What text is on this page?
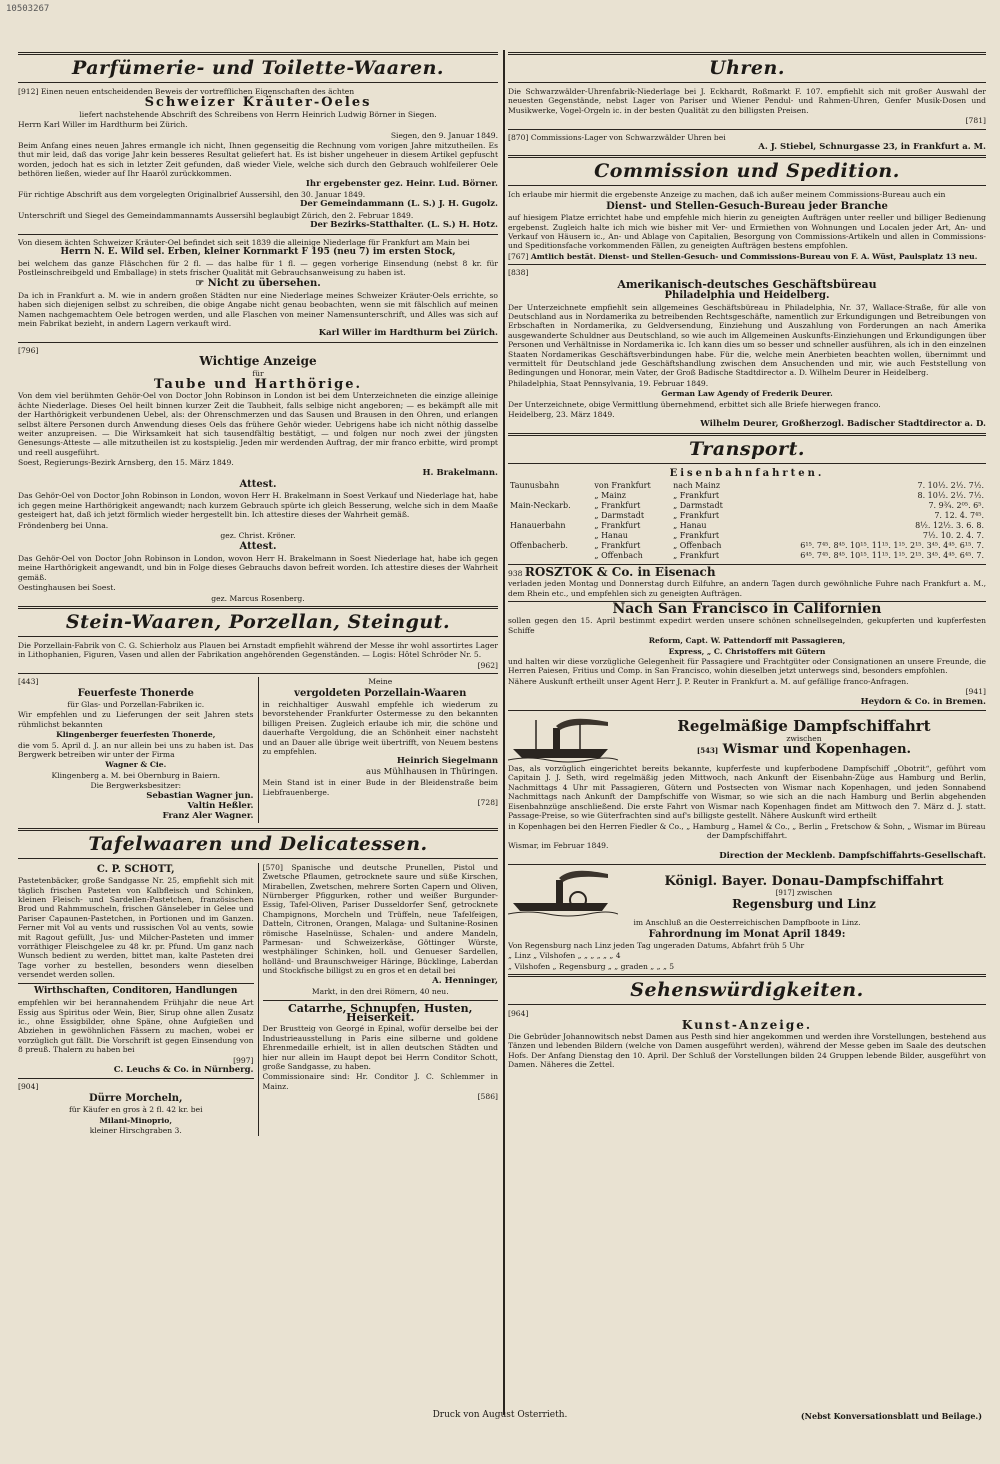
10503267
Parfümerie- und Toilette-Waaren.

[912] Einen neuen entscheidenden Beweis der vortrefflichen Eigenschaften des ächten

Schweizer Kräuter-Oeles

liefert nachstehende Abschrift des Schreibens von Herrn Heinrich Ludwig Börner in Siegen.

Herrn Karl Willer im Hardthurm bei Zürich.

Siegen, den 9. Januar 1849.

Beim Anfang eines neuen Jahres ermangle ich nicht, Ihnen gegenseitig die Rechnung vom vorigen Jahre mitzutheilen. Es thut mir leid, daß das vorige Jahr kein besseres Resultat geliefert hat. Es ist bisher ungeheuer in diesem Artikel gepfuscht worden, jedoch hat es sich in letzter Zeit gefunden, daß wieder Viele, welche sich durch den Gebrauch wohlfeilerer Oele bethören ließen, wieder auf Ihr Haaröl zurückkommen.

Ihr ergebenster gez. Heinr. Lud. Börner.

Für richtige Abschrift aus dem vorgelegten Originalbrief Aussersihl, den 30. Januar 1849.

Der Gemeindammann (L. S.) J. H. Gugolz.

Unterschrift und Siegel des Gemeindammannamts Aussersihl beglaubigt Zürich, den 2. Februar 1849.

Der Bezirks-Statthalter. (L. S.) H. Hotz.

Von diesem ächten Schweizer Kräuter-Oel befindet sich seit 1839 die alleinige Niederlage für Frankfurt am Main bei

Herrn N. E. Wild sel. Erben, kleiner Kornmarkt F 195 (neu 7) im ersten Stock,

bei welchem das ganze Fläschchen für 2 fl. — das halbe für 1 fl. — gegen vorherige Einsendung (nebst 8 kr. für Postleinschreibgeld und Emballage) in stets frischer Qualität mit Gebrauchsanweisung zu haben ist.

☞ Nicht zu übersehen.

Da ich in Frankfurt a. M. wie in andern großen Städten nur eine Niederlage meines Schweizer Kräuter-Oels errichte, so haben sich diejenigen selbst zu schreiben, die obige Angabe nicht genau beobachten, wenn sie mit fälschlich auf meinen Namen nachgemachtem Oele betrogen werden, und alle Flaschen von meiner Namensunterschrift, und Alles was sich auf mein Fabrikat bezieht, in andern Lagern verkauft wird.

Karl Willer im Hardthurm bei Zürich.

[796]

Wichtige Anzeige
für
Taube und Harthörige.

Von dem viel berühmten Gehör-Oel von Doctor John Robinson in London ist bei dem Unterzeichneten die einzige alleinige ächte Niederlage. Dieses Oel heilt binnen kurzer Zeit die Taubheit, falls selbige nicht angeboren; — es bekämpft alle mit der Harthörigkeit verbundenen Uebel, als: der Ohrenschmerzen und das Sausen und Brausen in den Ohren, und erlangen selbst ältere Personen durch Anwendung dieses Oels das frühere Gehör wieder. Uebrigens habe ich nicht nöthig dasselbe weiter anzupreisen. — Die Wirksamkeit hat sich tausendfältig bestätigt, — und folgen nur noch zwei der jüngsten Genesungs-Atteste — alle mitzutheilen ist zu kostspielig. Jeden mir werdenden Auftrag, der mir franco erbitte, wird prompt und reell ausgeführt.

Soest, Regierungs-Bezirk Arnsberg, den 15. März 1849.

H. Brakelmann.

Attest.

Das Gehör-Oel von Doctor John Robinson in London, wovon Herr H. Brakelmann in Soest Verkauf und Niederlage hat, habe ich gegen meine Harthörigkeit angewandt; nach kurzem Gebrauch spürte ich gleich Besserung, welche sich in dem Maaße gesteigert hat, daß ich jetzt förmlich wieder hergestellt bin. Ich attestire dieses der Wahrheit gemäß.

Fröndenberg bei Unna.

gez. Christ. Kröner.

Attest.

Das Gehör-Oel von Doctor John Robinson in London, wovon Herr H. Brakelmann in Soest Niederlage hat, habe ich gegen meine Harthörigkeit angewandt, und bin in Folge dieses Gebrauchs davon befreit worden. Ich attestire dieses der Wahrheit gemäß.

Oestinghausen bei Soest.

gez. Marcus Rosenberg.

Stein-Waaren, Porzellan, Steingut.

Die Porzellain-Fabrik von C. G. Schierholz aus Plauen bei Arnstadt empfiehlt während der Messe ihr wohl assortirtes Lager in Lithophanien, Figuren, Vasen und allen der Fabrikation angehörenden Gegenständen. — Logis: Hôtel Schröder Nr. 5.

[962]

[443]

Feuerfeste Thonerde

für Glas- und Porzellan-Fabriken ic.

Wir empfehlen und zu Lieferungen der seit Jahren stets rühmlichst bekannten

Klingenberger feuerfesten Thonerde,

die vom 5. April d. J. an nur allein bei uns zu haben ist. Das Bergwerk betreiben wir unter der Firma

Wagner & Cie.

Klingenberg a. M. bei Obernburg in Baiern.

Die Bergwerksbesitzer:

Sebastian Wagner jun.

Valtin Heßler.

Franz Aler Wagner.

Meine

vergoldeten Porzellain-Waaren

in reichhaltiger Auswahl empfehle ich wiederum zu bevorstehender Frankfurter Ostermesse zu den bekannten billigen Preisen. Zugleich erlaube ich mir, die schöne und dauerhafte Vergoldung, die an Schönheit einer nachsteht und an Dauer alle übrige weit übertrifft, von Neuem bestens zu empfehlen.

Heinrich Siegelmann

aus Mühlhausen in Thüringen.

Mein Stand ist in einer Bude in der Bleidenstraße beim Liebfrauenberge.

[728]

Tafelwaaren und Delicatessen.
C. P. SCHOTT,

Pastetenbäcker, große Sandgasse Nr. 25, empfiehlt sich mit täglich frischen Pasteten von Kalbfleisch und Schinken, kleinen Fleisch- und Sardellen-Pastetchen, französischen Brod und Rahmmuscheln, frischen Gänseleber in Gelee und Pariser Capaunen-Pastetchen, in Portionen und im Ganzen. Ferner mit Vol au vents und russischen Vol au vents, sowie mit Ragout gefüllt, Jus- und Milcher-Pasteten und immer vorräthiger Fleischgelee zu 48 kr. pr. Pfund. Um ganz nach Wunsch bedient zu werden, bittet man, kalte Pasteten drei Tage vorher zu bestellen, besonders wenn dieselben versendet werden sollen.

Wirthschaften, Conditoren, Handlungen

empfehlen wir bei herannahendem Frühjahr die neue Art Essig aus Spiritus oder Wein, Bier, Sirup ohne allen Zusatz ic., ohne Essigbilder, ohne Späne, ohne Aufgießen und Abziehen in gewöhnlichen Fässern zu machen, wobei er vorzüglich gut fällt. Die Vorschrift ist gegen Einsendung von 8 preuß. Thalern zu haben bei

[997]

C. Leuchs & Co. in Nürnberg.

[904]

Dürre Morcheln,

für Käufer en gros à 2 fl. 42 kr. bei

Milani-Minoprio,

kleiner Hirschgraben 3.

[570] Spanische und deutsche Prunellen, Pistol und Zwetsche Pflaumen, getrocknete saure und süße Kirschen, Mirabellen, Zwetschen, mehrere Sorten Capern und Oliven, Nürnberger Pfiggurken, rother und weißer Burgunder-Essig, Tafel-Oliven, Pariser Dusseldorfer Senf, getrocknete Champignons, Morcheln und Trüffeln, neue Tafelfeigen, Datteln, Citronen, Orangen, Malaga- und Sultanine-Rosinen römische Haselnüsse, Schalen- und andere Mandeln, Parmesan- und Schweizerkäse, Göttinger Würste, westphälinger Schinken, holl. und Genueser Sardellen, holländ- und Braunschweiger Häringe, Bücklinge, Laberdan und Stockfische billigst zu en gros et en detail bei

A. Henninger,

Markt, in den drei Römern, 40 neu.

Catarrhe, Schnupfen, Husten, Heiserkeit.

Der Brustteig von Georgé in Epinal, wofür derselbe bei der Industrieausstellung in Paris eine silberne und goldene Ehrenmedaille erhielt, ist in allen deutschen Städten und hier nur allein im Haupt depot bei Herrn Conditor Schott, große Sandgasse, zu haben.

Commissionaire sind: Hr. Conditor J. C. Schlemmer in Mainz.

[586]

Uhren.

Die Schwarzwälder-Uhrenfabrik-Niederlage bei J. Eckhardt, Roßmarkt F. 107. empfiehlt sich mit großer Auswahl der neuesten Gegenstände, nebst Lager von Pariser und Wiener Pendul- und Rahmen-Uhren, Genfer Musik-Dosen und Musikwerke, Vogel-Orgeln ic. in der besten Qualität zu den billigsten Preisen.

[781]

[870] Commissions-Lager von Schwarzwälder Uhren bei

A. J. Stiebel, Schnurgasse 23, in Frankfurt a. M.

Commission und Spedition.

Ich erlaube mir hiermit die ergebenste Anzeige zu machen, daß ich außer meinem Commissions-Bureau auch ein

Dienst- und Stellen-Gesuch-Bureau jeder Branche

auf hiesigem Platze errichtet habe und empfehle mich hierin zu geneigten Aufträgen unter reeller und billiger Bedienung ergebenst. Zugleich halte ich mich wie bisher mit Ver- und Ermiethen von Wohnungen und Localen jeder Art, An- und Verkauf von Häusern ic., An- und Ablage von Capitalien, Besorgung von Commissions-Artikeln und allen in Commissions- und Speditionsfache vorkommenden Fällen, zu geneigten Aufträgen bestens empfohlen.

[767] Amtlich bestät. Dienst- und Stellen-Gesuch- und Commissions-Bureau von F. A. Wüst, Paulsplatz 13 neu.

[838]

Amerikanisch-deutsches Geschäftsbüreau
Philadelphia und Heidelberg.

Der Unterzeichnete empfiehlt sein allgemeines Geschäftsbüreau in Philadelphia, Nr. 37, Wallace-Straße, für alle von Deutschland aus in Nordamerika zu betreibenden Rechtsgeschäfte, namentlich zur Erkundigungen und Betreibungen von Erbschaften in Nordamerika, zu Geldversendung, Einziehung und Auszahlung von Forderungen an nach Amerika ausgewanderte Schuldner aus Deutschland, so wie auch im Allgemeinen Auskunfts-Einziehungen und Erkundigungen über Personen und Verhältnisse in Nordamerika ic. Ich kann dies um so besser und schneller ausführen, als ich in den einzelnen Staaten Nordamerikas Geschäftsverbindungen habe. Für die, welche mein Anerbieten beachten wollen, übernimmt und vermittelt für Deutschland jede Geschäftshandlung zwischen dem Ansuchenden und mir, wie auch Feststellung von Bedingungen und Honorar, mein Vater, der Groß Badische Stadtdirector a. D. Wilhelm Deurer in Heidelberg.

Philadelphia, Staat Pennsylvania, 19. Februar 1849.

German Law Agendy of Frederik Deurer.

Der Unterzeichnete, obige Vermittlung übernehmend, erbittet sich alle Briefe hierwegen franco.

Heidelberg, 23. März 1849.

Wilhelm Deurer, Großherzogl. Badischer Stadtdirector a. D.

Transport.
Eisenbahnfahrten.
Taunusbahn	von Frankfurt	nach Mainz	7. 10½. 2½. 7½.
	„ Mainz	„ Frankfurt	8. 10½. 2½. 7½.
Main-Neckarb.	„ Frankfurt	„ Darmstadt	7. 9¾. 2⁰⁵. 6⁵.
	„ Darmstadt	„ Frankfurt	7. 12. 4. 7⁴⁵.
Hanauerbahn	„ Frankfurt	„ Hanau	8½. 12½. 3. 6. 8.
	„ Hanau	„ Frankfurt	7½. 10. 2. 4. 7.
Offenbacherb.	„ Frankfurt	„ Offenbach	6¹⁵. 7⁴⁵. 8⁴⁵. 10¹⁵. 11¹⁵. 1¹⁵. 2¹⁵. 3⁴⁵. 4⁴⁵. 6¹⁵. 7.
	„ Offenbach	„ Frankfurt	6⁴⁵. 7⁴⁵. 8⁴⁵. 10¹⁵. 11¹⁵. 1¹⁵. 2¹⁵. 3⁴⁵. 4⁴⁵. 6⁴⁵. 7.

938 ROSZTOK & Co. in Eisenach

verladen jeden Montag und Donnerstag durch Eilfuhre, an andern Tagen durch gewöhnliche Fuhre nach Frankfurt a. M., dem Rhein etc., und empfehlen sich zu geneigten Aufträgen.

Nach San Francisco in Californien

sollen gegen den 15. April bestimmt expedirt werden unsere schönen schnellsegelnden, gekupferten und kupferfesten Schiffe

Reform, Capt. W. Pattendorff mit Passagieren,

Express, „ C. Christoffers mit Gütern

und halten wir diese vorzügliche Gelegenheit für Passagiere und Frachtgüter oder Consignationen an unsere Freunde, die Herren Paiesen, Fritius und Comp. in San Francisco, wohin dieselben jetzt unterwegs sind, besonders empfohlen.

Nähere Auskunft ertheilt unser Agent Herr J. P. Reuter in Frankfurt a. M. auf gefällige franco-Anfragen.

[941]

Heydorn & Co. in Bremen.

Regelmäßige Dampfschiffahrt
zwischen
[543] Wismar und Kopenhagen.

Das, als vorzüglich eingerichtet bereits bekannte, kupferfeste und kupferbodene Dampfschiff „Obotrit“, geführt vom Capitain J. J. Seth, wird regelmäßig jeden Mittwoch, nach Ankunft der Eisenbahn-Züge aus Hamburg und Berlin, Nachmittags 4 Uhr mit Passagieren, Gütern und Postsecten von Wismar nach Kopenhagen, und jeden Sonnabend Nachmittags nach Ankunft der Dampfschiffe von Wismar, so wie sich an die nach Hamburg und Berlin abgehenden Eisenbahnzüge anschließend. Die erste Fahrt von Wismar nach Kopenhagen findet am Mittwoch den 7. März d. J. statt. Passage-Preise, so wie Güterfrachten sind auf's billigste gestellt. Nähere Auskunft wird ertheilt

in Kopenhagen bei den Herren Fiedler & Co., „ Hamburg „ Hamel & Co., „ Berlin „ Fretschow & Sohn, „ Wismar im Büreau der Dampfschiffahrt.

Wismar, im Februar 1849.

Direction der Mecklenb. Dampfschiffahrts-Gesellschaft.

Königl. Bayer. Donau-Dampfschiffahrt
[917] zwischen
Regensburg und Linz

im Anschluß an die Oesterreichischen Dampfboote in Linz.

Fahrordnung im Monat April 1849:

Von Regensburg nach Linz jeden Tag ungeraden Datums, Abfahrt früh 5 Uhr

„ Linz „ Vilshofen „ „ „ „ „ „ 4

„ Vilshofen „ Regensburg „ „ graden „ „ „ 5

Sehenswürdigkeiten.

[964]

Kunst-Anzeige.

Die Gebrüder Johannowitsch nebst Damen aus Pesth sind hier angekommen und werden ihre Vorstellungen, bestehend aus Tänzen und lebenden Bildern (welche von Damen ausgeführt werden), während der Messe geben im Saale des deutschen Hofs. Der Anfang Dienstag den 10. April. Der Schluß der Vorstellungen bilden 24 Gruppen lebende Bilder, ausgeführt von Damen. Näheres die Zettel.

Druck von August Osterrieth.	(Nebst Konversationsblatt und Beilage.)
